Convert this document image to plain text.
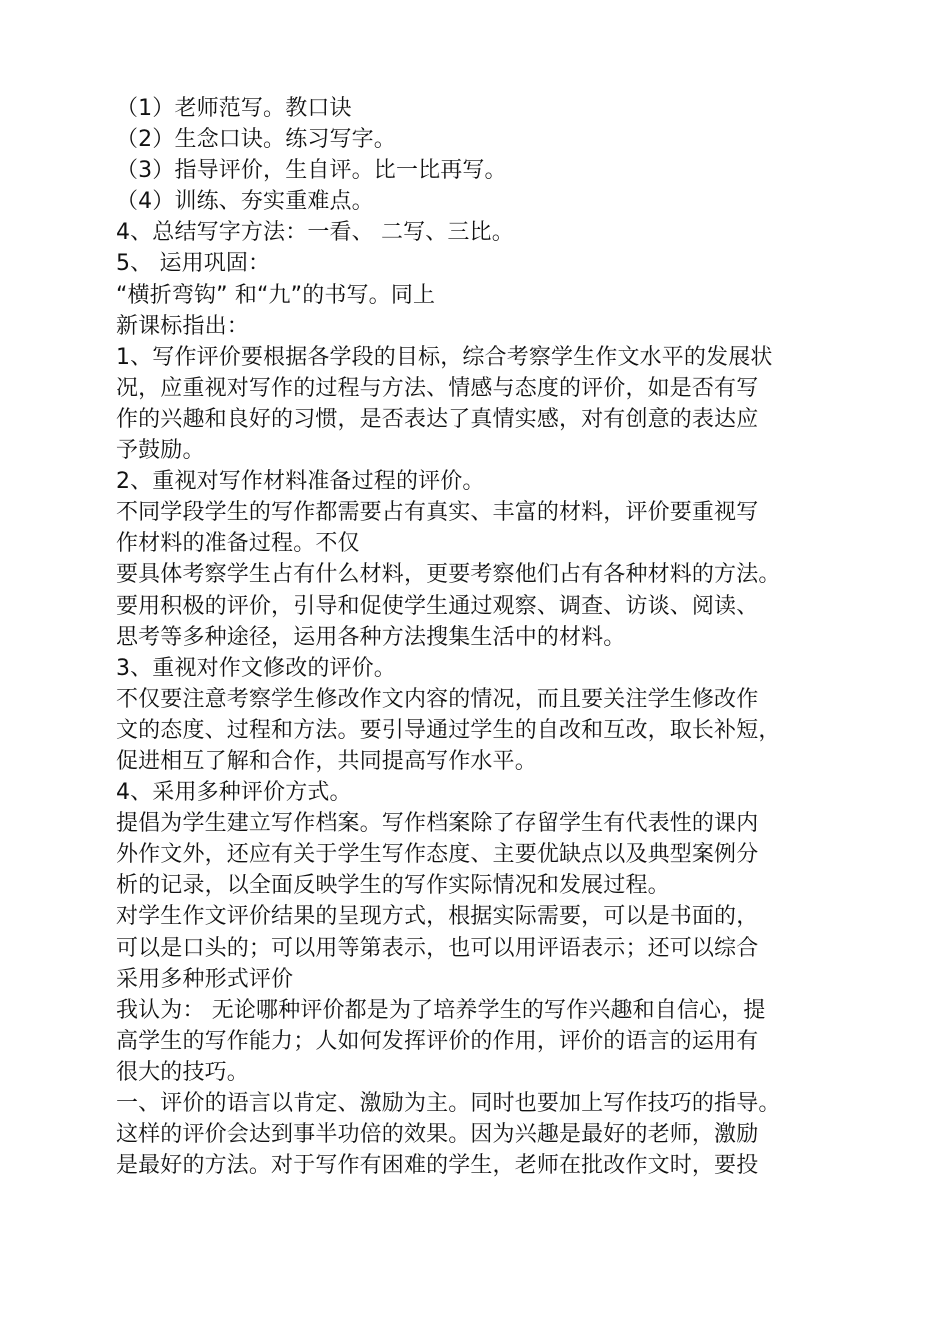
（1）老师范写。教口诀
（2）生念口诀。练习写字。
（3）指导评价，生自评。比一比再写。
（4）训练、夯实重难点。
4、总结写字方法：一看、 二写、三比。
5、 运用巩固：
“横折弯钩” 和“九”的书写。同上
新课标指出：
1、写作评价要根据各学段的目标，综合考察学生作文水平的发展状
况，应重视对写作的过程与方法、情感与态度的评价，如是否有写
作的兴趣和良好的习惯，是否表达了真情实感，对有创意的表达应
予鼓励。
2、重视对写作材料准备过程的评价。
不同学段学生的写作都需要占有真实、丰富的材料，评价要重视写
作材料的准备过程。不仅
要具体考察学生占有什么材料，更要考察他们占有各种材料的方法。
要用积极的评价，引导和促使学生通过观察、调查、访谈、阅读、
思考等多种途径，运用各种方法搜集生活中的材料。
3、重视对作文修改的评价。
不仅要注意考察学生修改作文内容的情况，而且要关注学生修改作
文的态度、过程和方法。要引导通过学生的自改和互改，取长补短，
促进相互了解和合作，共同提高写作水平。
4、采用多种评价方式。
提倡为学生建立写作档案。写作档案除了存留学生有代表性的课内
外作文外，还应有关于学生写作态度、主要优缺点以及典型案例分
析的记录，以全面反映学生的写作实际情况和发展过程。
对学生作文评价结果的呈现方式，根据实际需要，可以是书面的，
可以是口头的；可以用等第表示，也可以用评语表示；还可以综合
采用多种形式评价
我认为： 无论哪种评价都是为了培养学生的写作兴趣和自信心，提
高学生的写作能力；人如何发挥评价的作用，评价的语言的运用有
很大的技巧。
一、评价的语言以肯定、激励为主。同时也要加上写作技巧的指导。
这样的评价会达到事半功倍的效果。因为兴趣是最好的老师，激励
是最好的方法。对于写作有困难的学生，老师在批改作文时，要投
